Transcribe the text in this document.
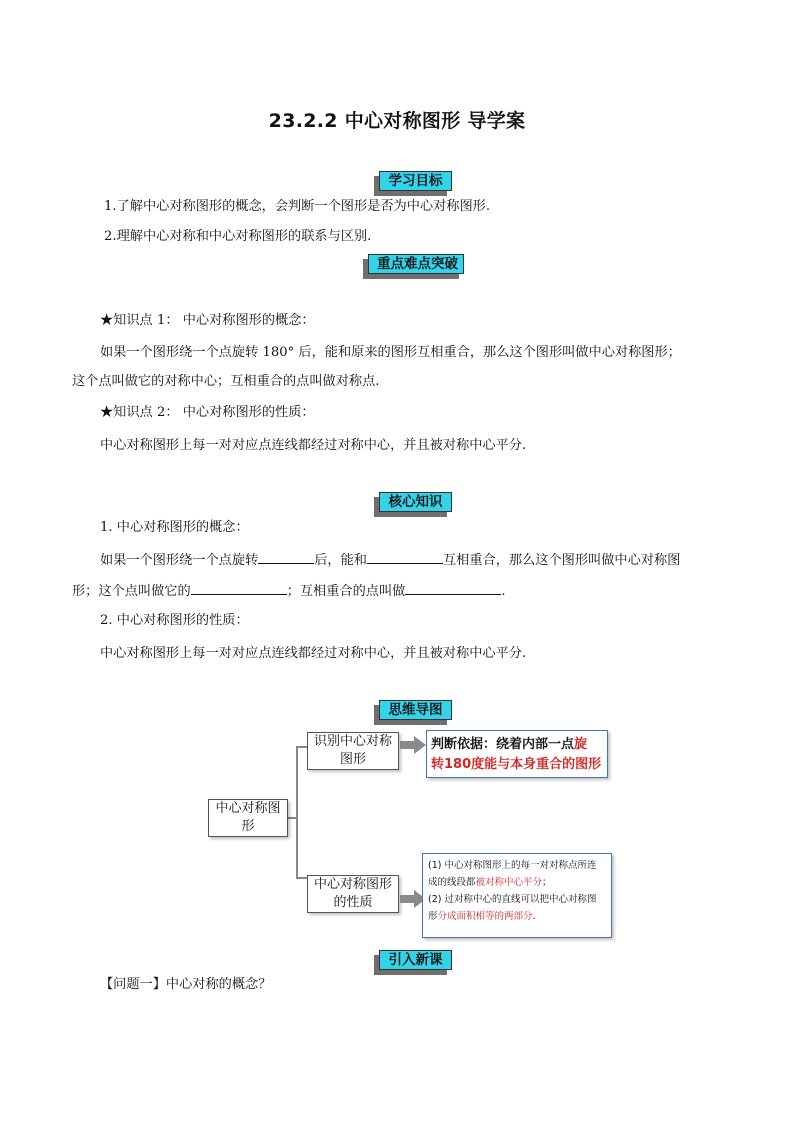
23.2.2 中心对称图形 导学案
学习目标
1.了解中心对称图形的概念，会判断一个图形是否为中心对称图形.
2.理解中心对称和中心对称图形的联系与区别.
重点难点突破
★知识点 1： 中心对称图形的概念：
如果一个图形绕一个点旋转 180° 后，能和原来的图形互相重合，那么这个图形叫做中心对称图形；
这个点叫做它的对称中心；互相重合的点叫做对称点.
★知识点 2： 中心对称图形的性质：
中心对称图形上每一对对应点连线都经过对称中心，并且被对称中心平分.
核心知识
1. 中心对称图形的概念：
如果一个图形绕一个点旋转	后，能和	互相重合，那么这个图形叫做中心对称图
形；这个点叫做它的	；互相重合的点叫做	.
2. 中心对称图形的性质：
中心对称图形上每一对对应点连线都经过对称中心，并且被对称中心平分.
思维导图
中心对称图
形
识别中心对称
图形
判断依据：绕着内部一点旋
转180度能与本身重合的图形
中心对称图形
的性质
(1) 中心对称图形上的每一对对称点所连
成的线段都被对称中心平分；
(2) 过对称中心的直线可以把中心对称图
形分成面积相等的两部分.
引入新课
【问题一】中心对称的概念？
